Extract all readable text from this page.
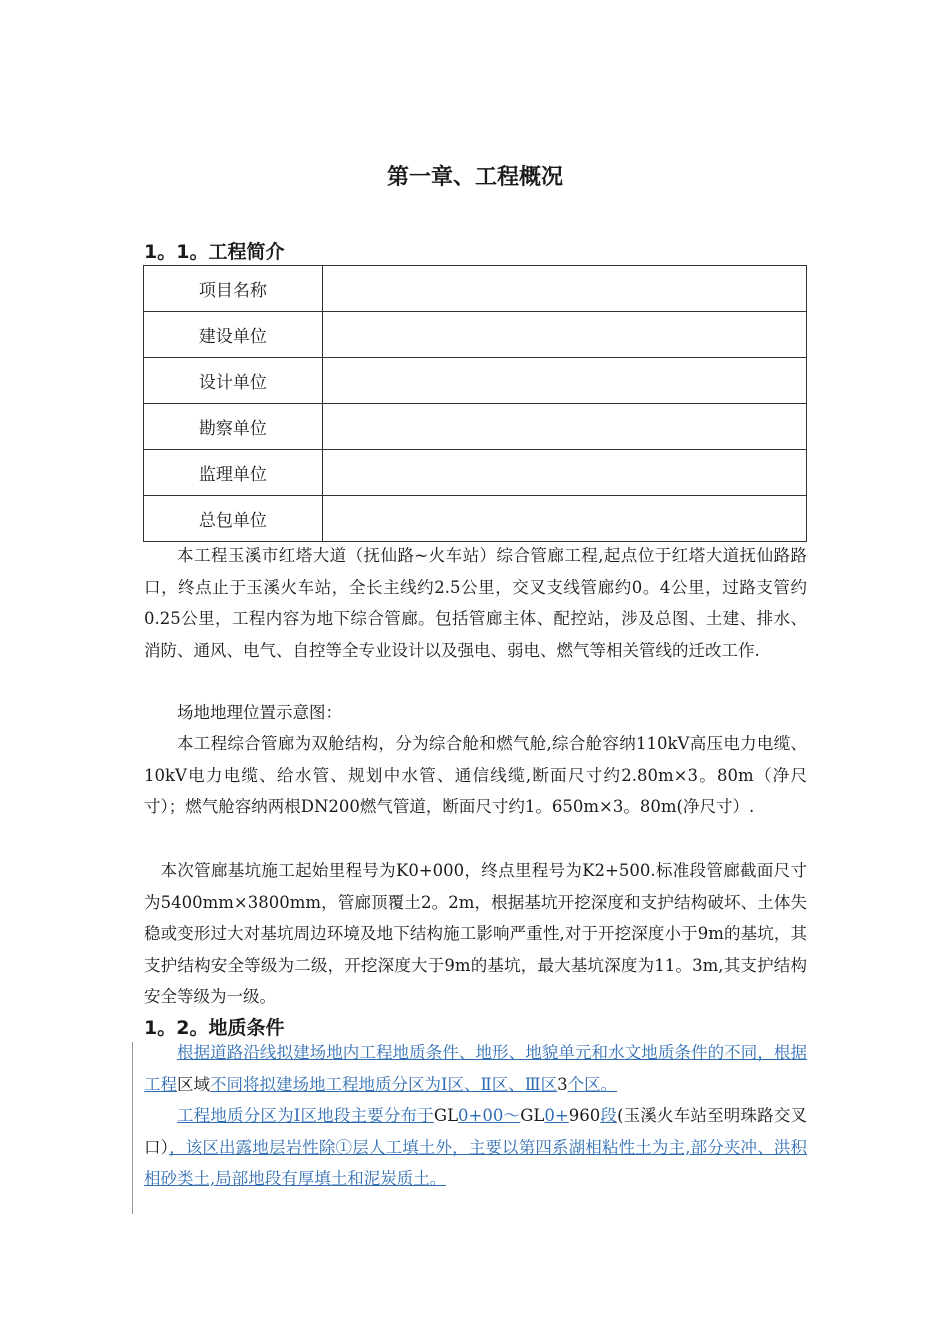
第一章、工程概况
1。1。工程简介
项目名称	
建设单位	
设计单位	
勘察单位	
监理单位	
总包单位	

本工程玉溪市红塔大道（抚仙路~火车站）综合管廊工程,起点位于红塔大道抚仙路路口，终点止于玉溪火车站，全长主线约2.5公里，交叉支线管廊约0。4公里，过路支管约0.25公里，工程内容为地下综合管廊。包括管廊主体、配控站，涉及总图、土建、排水、消防、通风、电气、自控等全专业设计以及强电、弱电、燃气等相关管线的迁改工作.

场地地理位置示意图：

本工程综合管廊为双舱结构，分为综合舱和燃气舱,综合舱容纳110kV高压电力电缆、10kV电力电缆、给水管、规划中水管、通信线缆,断面尺寸约2.80m×3。80m（净尺寸）；燃气舱容纳两根DN200燃气管道，断面尺寸约1。650m×3。80m(净尺寸）.

本次管廊基坑施工起始里程号为K0+000，终点里程号为K2+500.标准段管廊截面尺寸为5400mm×3800mm，管廊顶覆土2。2m，根据基坑开挖深度和支护结构破坏、土体失稳或变形过大对基坑周边环境及地下结构施工影响严重性,对于开挖深度小于9m的基坑，其支护结构安全等级为二级，开挖深度大于9m的基坑，最大基坑深度为11。3m,其支护结构安全等级为一级。

1。2。地质条件

根据道路沿线拟建场地内工程地质条件、地形、地貌单元和水文地质条件的不同，根据工程区域不同将拟建场地工程地质分区为Ⅰ区、Ⅱ区、Ⅲ区3个区。

工程地质分区为Ⅰ区地段主要分布于GL0+00～GL0+960段(玉溪火车站至明珠路交叉口），该区出露地层岩性除①层人工填土外，主要以第四系湖相粘性土为主,部分夹冲、洪积相砂类土,局部地段有厚填土和泥炭质土。
